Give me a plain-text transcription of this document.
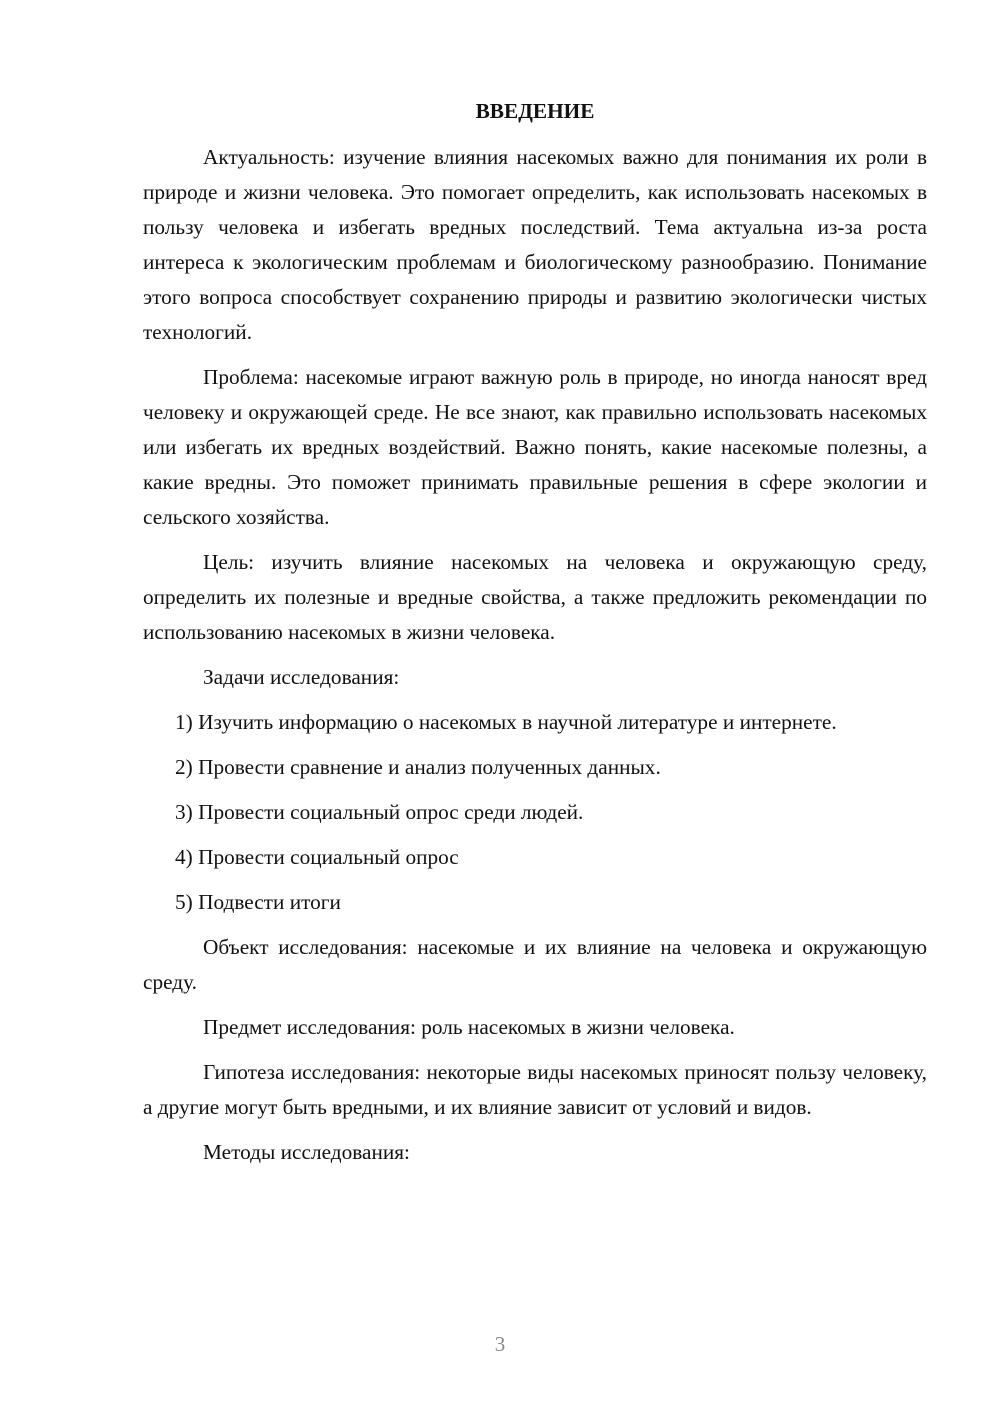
ВВЕДЕНИЕ

Актуальность: изучение влияния насекомых важно для понимания их роли в природе и жизни человека. Это помогает определить, как использовать насекомых в пользу человека и избегать вредных последствий. Тема актуальна из-за роста интереса к экологическим проблемам и биологическому разнообразию. Понимание этого вопроса способствует сохранению природы и развитию экологически чистых технологий.

Проблема: насекомые играют важную роль в природе, но иногда наносят вред человеку и окружающей среде. Не все знают, как правильно использовать насекомых или избегать их вредных воздействий. Важно понять, какие насекомые полезны, а какие вредны. Это поможет принимать правильные решения в сфере экологии и сельского хозяйства.

Цель: изучить влияние насекомых на человека и окружающую среду, определить их полезные и вредные свойства, а также предложить рекомендации по использованию насекомых в жизни человека.

Задачи исследования:

1) Изучить информацию о насекомых в научной литературе и интернете.

2) Провести сравнение и анализ полученных данных.

3) Провести социальный опрос среди людей.

4) Провести социальный опрос

5) Подвести итоги

Объект исследования: насекомые и их влияние на человека и окружающую среду.

Предмет исследования: роль насекомых в жизни человека.

Гипотеза исследования: некоторые виды насекомых приносят пользу человеку, а другие могут быть вредными, и их влияние зависит от условий и видов.

Методы исследования:

3
